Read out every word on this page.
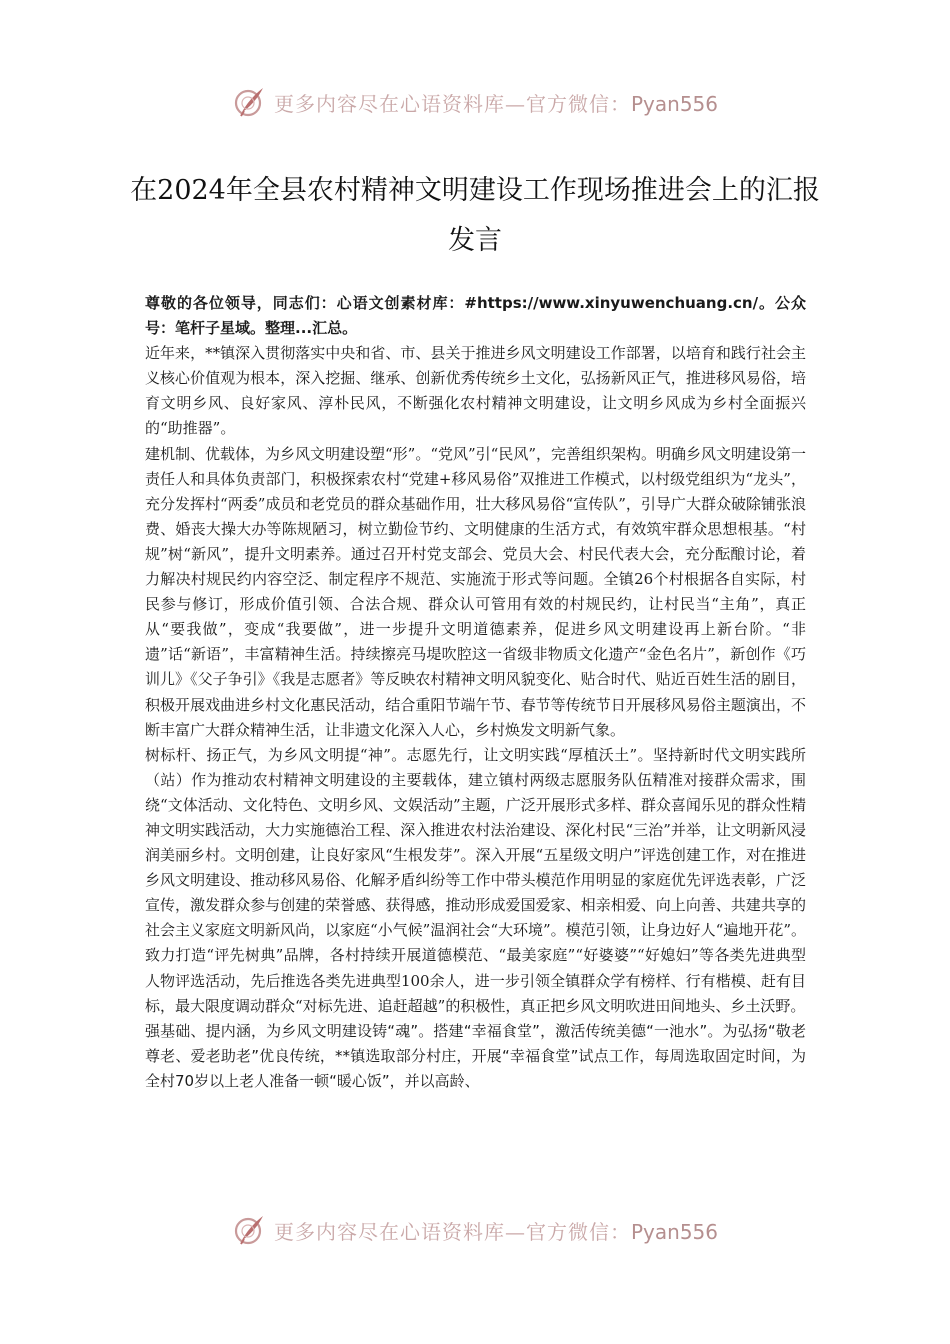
更多内容尽在心语资料库—官方微信：Pyan556
在2024年全县农村精神文明建设工作现场推进会上的汇报发言

尊敬的各位领导，同志们：心语文创素材库：#https://www.xinyuwenchuang.cn/。公众号：笔杆子星域。整理...汇总。

近年来，**镇深入贯彻落实中央和省、市、县关于推进乡风文明建设工作部署，以培育和践行社会主义核心价值观为根本，深入挖掘、继承、创新优秀传统乡土文化，弘扬新风正气，推进移风易俗，培育文明乡风、良好家风、淳朴民风，不断强化农村精神文明建设，让文明乡风成为乡村全面振兴的“助推器”。

建机制、优载体，为乡风文明建设塑“形”。“党风”引“民风”，完善组织架构。明确乡风文明建设第一责任人和具体负责部门，积极探索农村“党建+移风易俗”双推进工作模式，以村级党组织为“龙头”，充分发挥村“两委”成员和老党员的群众基础作用，壮大移风易俗“宣传队”，引导广大群众破除铺张浪费、婚丧大操大办等陈规陋习，树立勤俭节约、文明健康的生活方式，有效筑牢群众思想根基。“村规”树“新风”，提升文明素养。通过召开村党支部会、党员大会、村民代表大会，充分酝酿讨论，着力解决村规民约内容空泛、制定程序不规范、实施流于形式等问题。全镇26个村根据各自实际，村民参与修订，形成价值引领、合法合规、群众认可管用有效的村规民约，让村民当“主角”，真正从“要我做”，变成“我要做”，进一步提升文明道德素养，促进乡风文明建设再上新台阶。“非遗”话“新语”，丰富精神生活。持续擦亮马堤吹腔这一省级非物质文化遗产“金色名片”，新创作《巧训儿》《父子争引》《我是志愿者》等反映农村精神文明风貌变化、贴合时代、贴近百姓生活的剧目，积极开展戏曲进乡村文化惠民活动，结合重阳节端午节、春节等传统节日开展移风易俗主题演出，不断丰富广大群众精神生活，让非遗文化深入人心，乡村焕发文明新气象。

树标杆、扬正气，为乡风文明提“神”。志愿先行，让文明实践“厚植沃土”。坚持新时代文明实践所（站）作为推动农村精神文明建设的主要载体，建立镇村两级志愿服务队伍精准对接群众需求，围绕“文体活动、文化特色、文明乡风、文娱活动”主题，广泛开展形式多样、群众喜闻乐见的群众性精神文明实践活动，大力实施德治工程、深入推进农村法治建设、深化村民“三治”并举，让文明新风浸润美丽乡村。文明创建，让良好家风“生根发芽”。深入开展“五星级文明户”评选创建工作，对在推进乡风文明建设、推动移风易俗、化解矛盾纠纷等工作中带头模范作用明显的家庭优先评选表彰，广泛宣传，激发群众参与创建的荣誉感、获得感，推动形成爱国爱家、相亲相爱、向上向善、共建共享的社会主义家庭文明新风尚，以家庭“小气候”温润社会“大环境”。模范引领，让身边好人“遍地开花”。致力打造“评先树典”品牌，各村持续开展道德模范、“最美家庭”“好婆婆”“好媳妇”等各类先进典型人物评选活动，先后推选各类先进典型100余人，进一步引领全镇群众学有榜样、行有楷模、赶有目标，最大限度调动群众“对标先进、追赶超越”的积极性，真正把乡风文明吹进田间地头、乡土沃野。

强基础、提内涵，为乡风文明建设铸“魂”。搭建“幸福食堂”，激活传统美德“一池水”。为弘扬“敬老尊老、爱老助老”优良传统，**镇选取部分村庄，开展“幸福食堂”试点工作，每周选取固定时间，为全村70岁以上老人准备一顿“暖心饭”，并以高龄、

更多内容尽在心语资料库—官方微信：Pyan556
